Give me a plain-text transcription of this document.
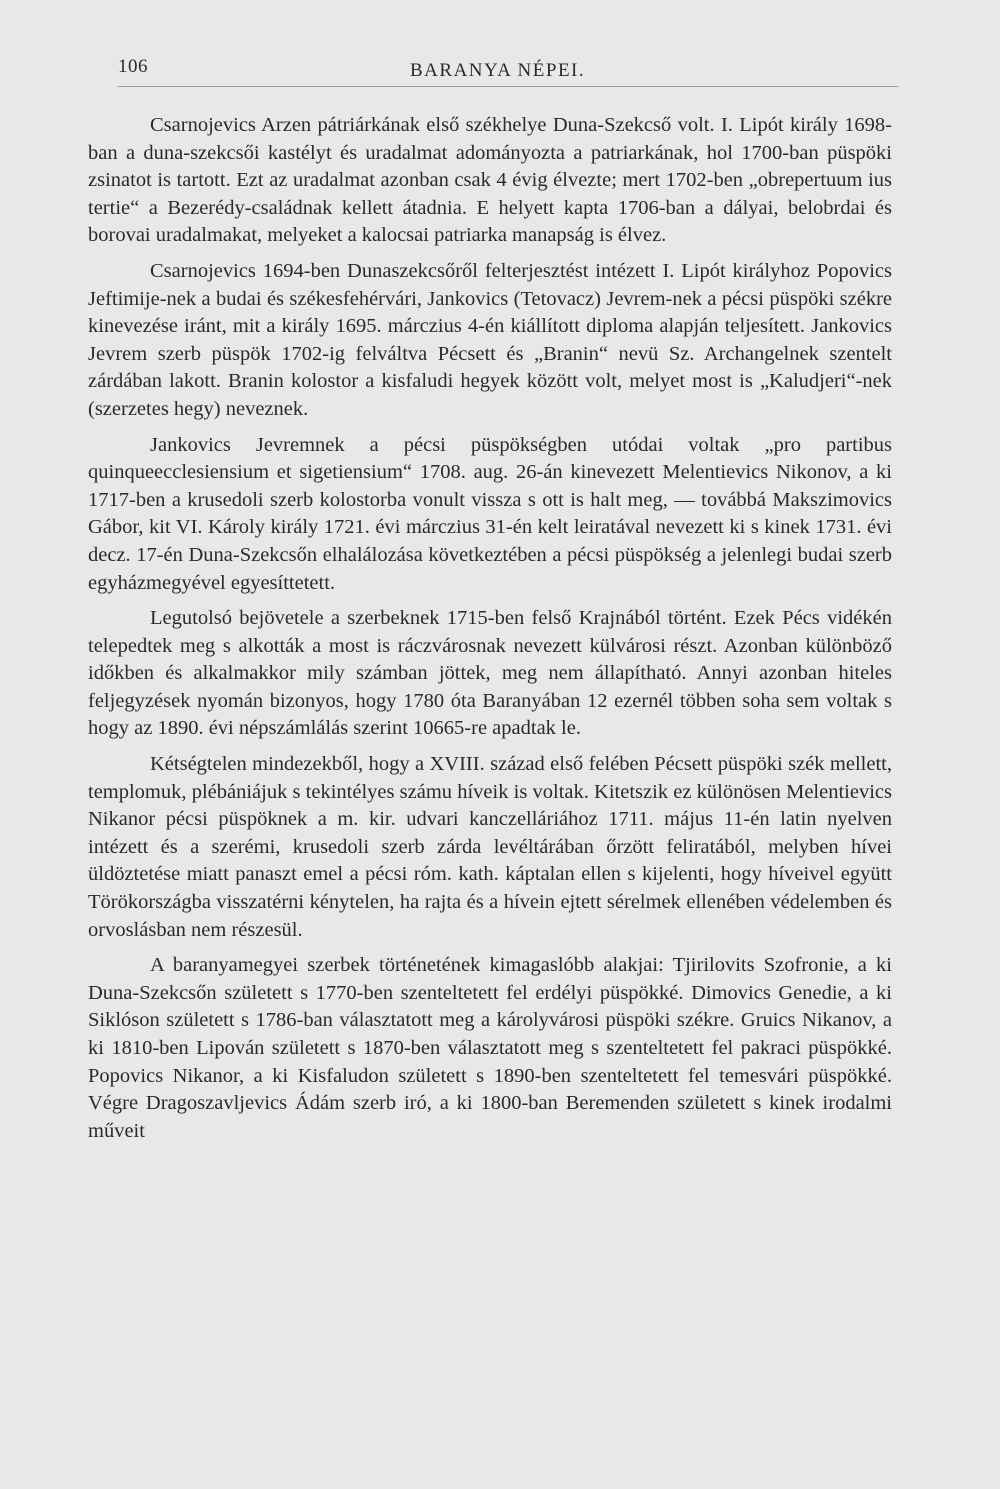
106	BARANYA NÉPEI.

Csarnojevics Arzen pátriárkának első székhelye Duna-Szekcső volt. I. Lipót király 1698-ban a duna-szekcsői kastélyt és uradalmat adományozta a patriarkának, hol 1700-ban püspöki zsinatot is tartott. Ezt az uradalmat azonban csak 4 évig élvezte; mert 1702-ben „obrepertuum ius tertie“ a Bezerédy-családnak kellett átadnia. E helyett kapta 1706-ban a dályai, belobrdai és borovai uradalmakat, melyeket a kalocsai patriarka manapság is élvez.

Csarnojevics 1694-ben Dunaszekcsőről felterjesztést intézett I. Lipót királyhoz Popovics Jeftimije-nek a budai és székesfehérvári, Jankovics (Tetovacz) Jevrem-nek a pécsi püspöki székre kinevezése iránt, mit a király 1695. márczius 4-én kiállított diploma alapján teljesített. Jankovics Jevrem szerb püspök 1702-ig felváltva Pécsett és „Branin“ nevü Sz. Archangelnek szentelt zárdában lakott. Branin kolostor a kisfaludi hegyek között volt, melyet most is „Kaludjeri“-nek (szerzetes hegy) neveznek.

Jankovics Jevremnek a pécsi püspökségben utódai voltak „pro partibus quinqueecclesiensium et sigetiensium“ 1708. aug. 26-án kinevezett Melentievics Nikonov, a ki 1717-ben a krusedoli szerb kolostorba vonult vissza s ott is halt meg, — továbbá Makszimovics Gábor, kit VI. Károly király 1721. évi márczius 31-én kelt leiratával nevezett ki s kinek 1731. évi decz. 17-én Duna-Szekcsőn elhalálozása következtében a pécsi püspökség a jelenlegi budai szerb egyházmegyével egyesíttetett.

Legutolsó bejövetele a szerbeknek 1715-ben felső Krajnából történt. Ezek Pécs vidékén telepedtek meg s alkották a most is ráczvárosnak nevezett külvárosi részt. Azonban különböző időkben és alkalmakkor mily számban jöttek, meg nem állapítható. Annyi azonban hiteles feljegyzések nyomán bizonyos, hogy 1780 óta Baranyában 12 ezernél többen soha sem voltak s hogy az 1890. évi népszámlálás szerint 10665-re apadtak le.

Kétségtelen mindezekből, hogy a XVIII. század első felében Pécsett püspöki szék mellett, templomuk, plébániájuk s tekintélyes számu híveik is voltak. Kitetszik ez különösen Melentievics Nikanor pécsi püspöknek a m. kir. udvari kanczelláriához 1711. május 11-én latin nyelven intézett és a szerémi, krusedoli szerb zárda levéltárában őrzött feliratából, melyben hívei üldöztetése miatt panaszt emel a pécsi róm. kath. káptalan ellen s kijelenti, hogy híveivel együtt Törökországba visszatérni kénytelen, ha rajta és a hívein ejtett sérelmek ellenében védelemben és orvoslásban nem részesül.

A baranyamegyei szerbek történetének kimagaslóbb alakjai: Tjirilovits Szofronie, a ki Duna-Szekcsőn született s 1770-ben szenteltetett fel erdélyi püspökké. Dimovics Genedie, a ki Siklóson született s 1786-ban választatott meg a károlyvárosi püspöki székre. Gruics Nikanov, a ki 1810-ben Lipován született s 1870-ben választatott meg s szenteltetett fel pakraci püspökké. Popovics Nikanor, a ki Kisfaludon született s 1890-ben szenteltetett fel temesvári püspökké. Végre Dragoszavljevics Ádám szerb iró, a ki 1800-ban Beremenden született s kinek irodalmi műveit
